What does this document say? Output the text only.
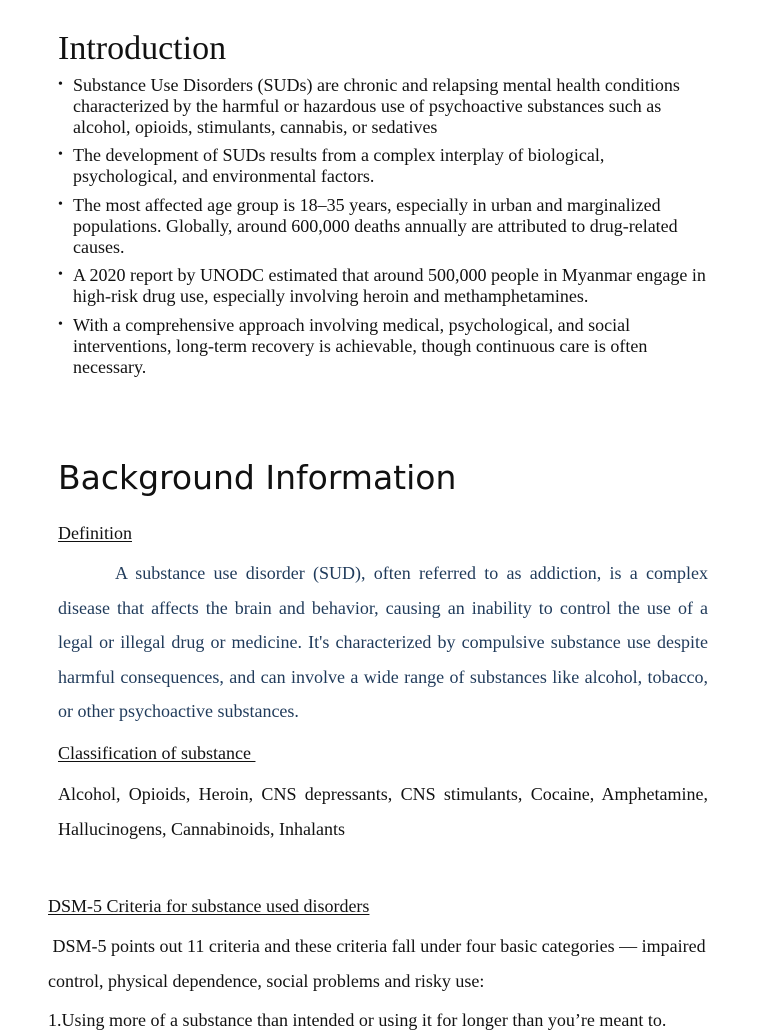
Introduction
• Substance Use Disorders (SUDs) are chronic and relapsing mental health conditions characterized by the harmful or hazardous use of psychoactive substances such as alcohol, opioids, stimulants, cannabis, or sedatives
• The development of SUDs results from a complex interplay of biological, psychological, and environmental factors.
• The most affected age group is 18–35 years, especially in urban and marginalized populations. Globally, around 600,000 deaths annually are attributed to drug-related causes.
• A 2020 report by UNODC estimated that around 500,000 people in Myanmar engage in high-risk drug use, especially involving heroin and methamphetamines.
• With a comprehensive approach involving medical, psychological, and social interventions, long-term recovery is achievable, though continuous care is often necessary.
Background Information

Definition

A substance use disorder (SUD), often referred to as addiction, is a complex disease that affects the brain and behavior, causing an inability to control the use of a legal or illegal drug or medicine. It's characterized by compulsive substance use despite harmful consequences, and can involve a wide range of substances like alcohol, tobacco, or other psychoactive substances.

Classification of substance

Alcohol, Opioids, Heroin, CNS depressants, CNS stimulants, Cocaine, Amphetamine, Hallucinogens, Cannabinoids, Inhalants

DSM-5 Criteria for substance used disorders

DSM-5 points out 11 criteria and these criteria fall under four basic categories — impaired control, physical dependence, social problems and risky use:

1.Using more of a substance than intended or using it for longer than you’re meant to.
